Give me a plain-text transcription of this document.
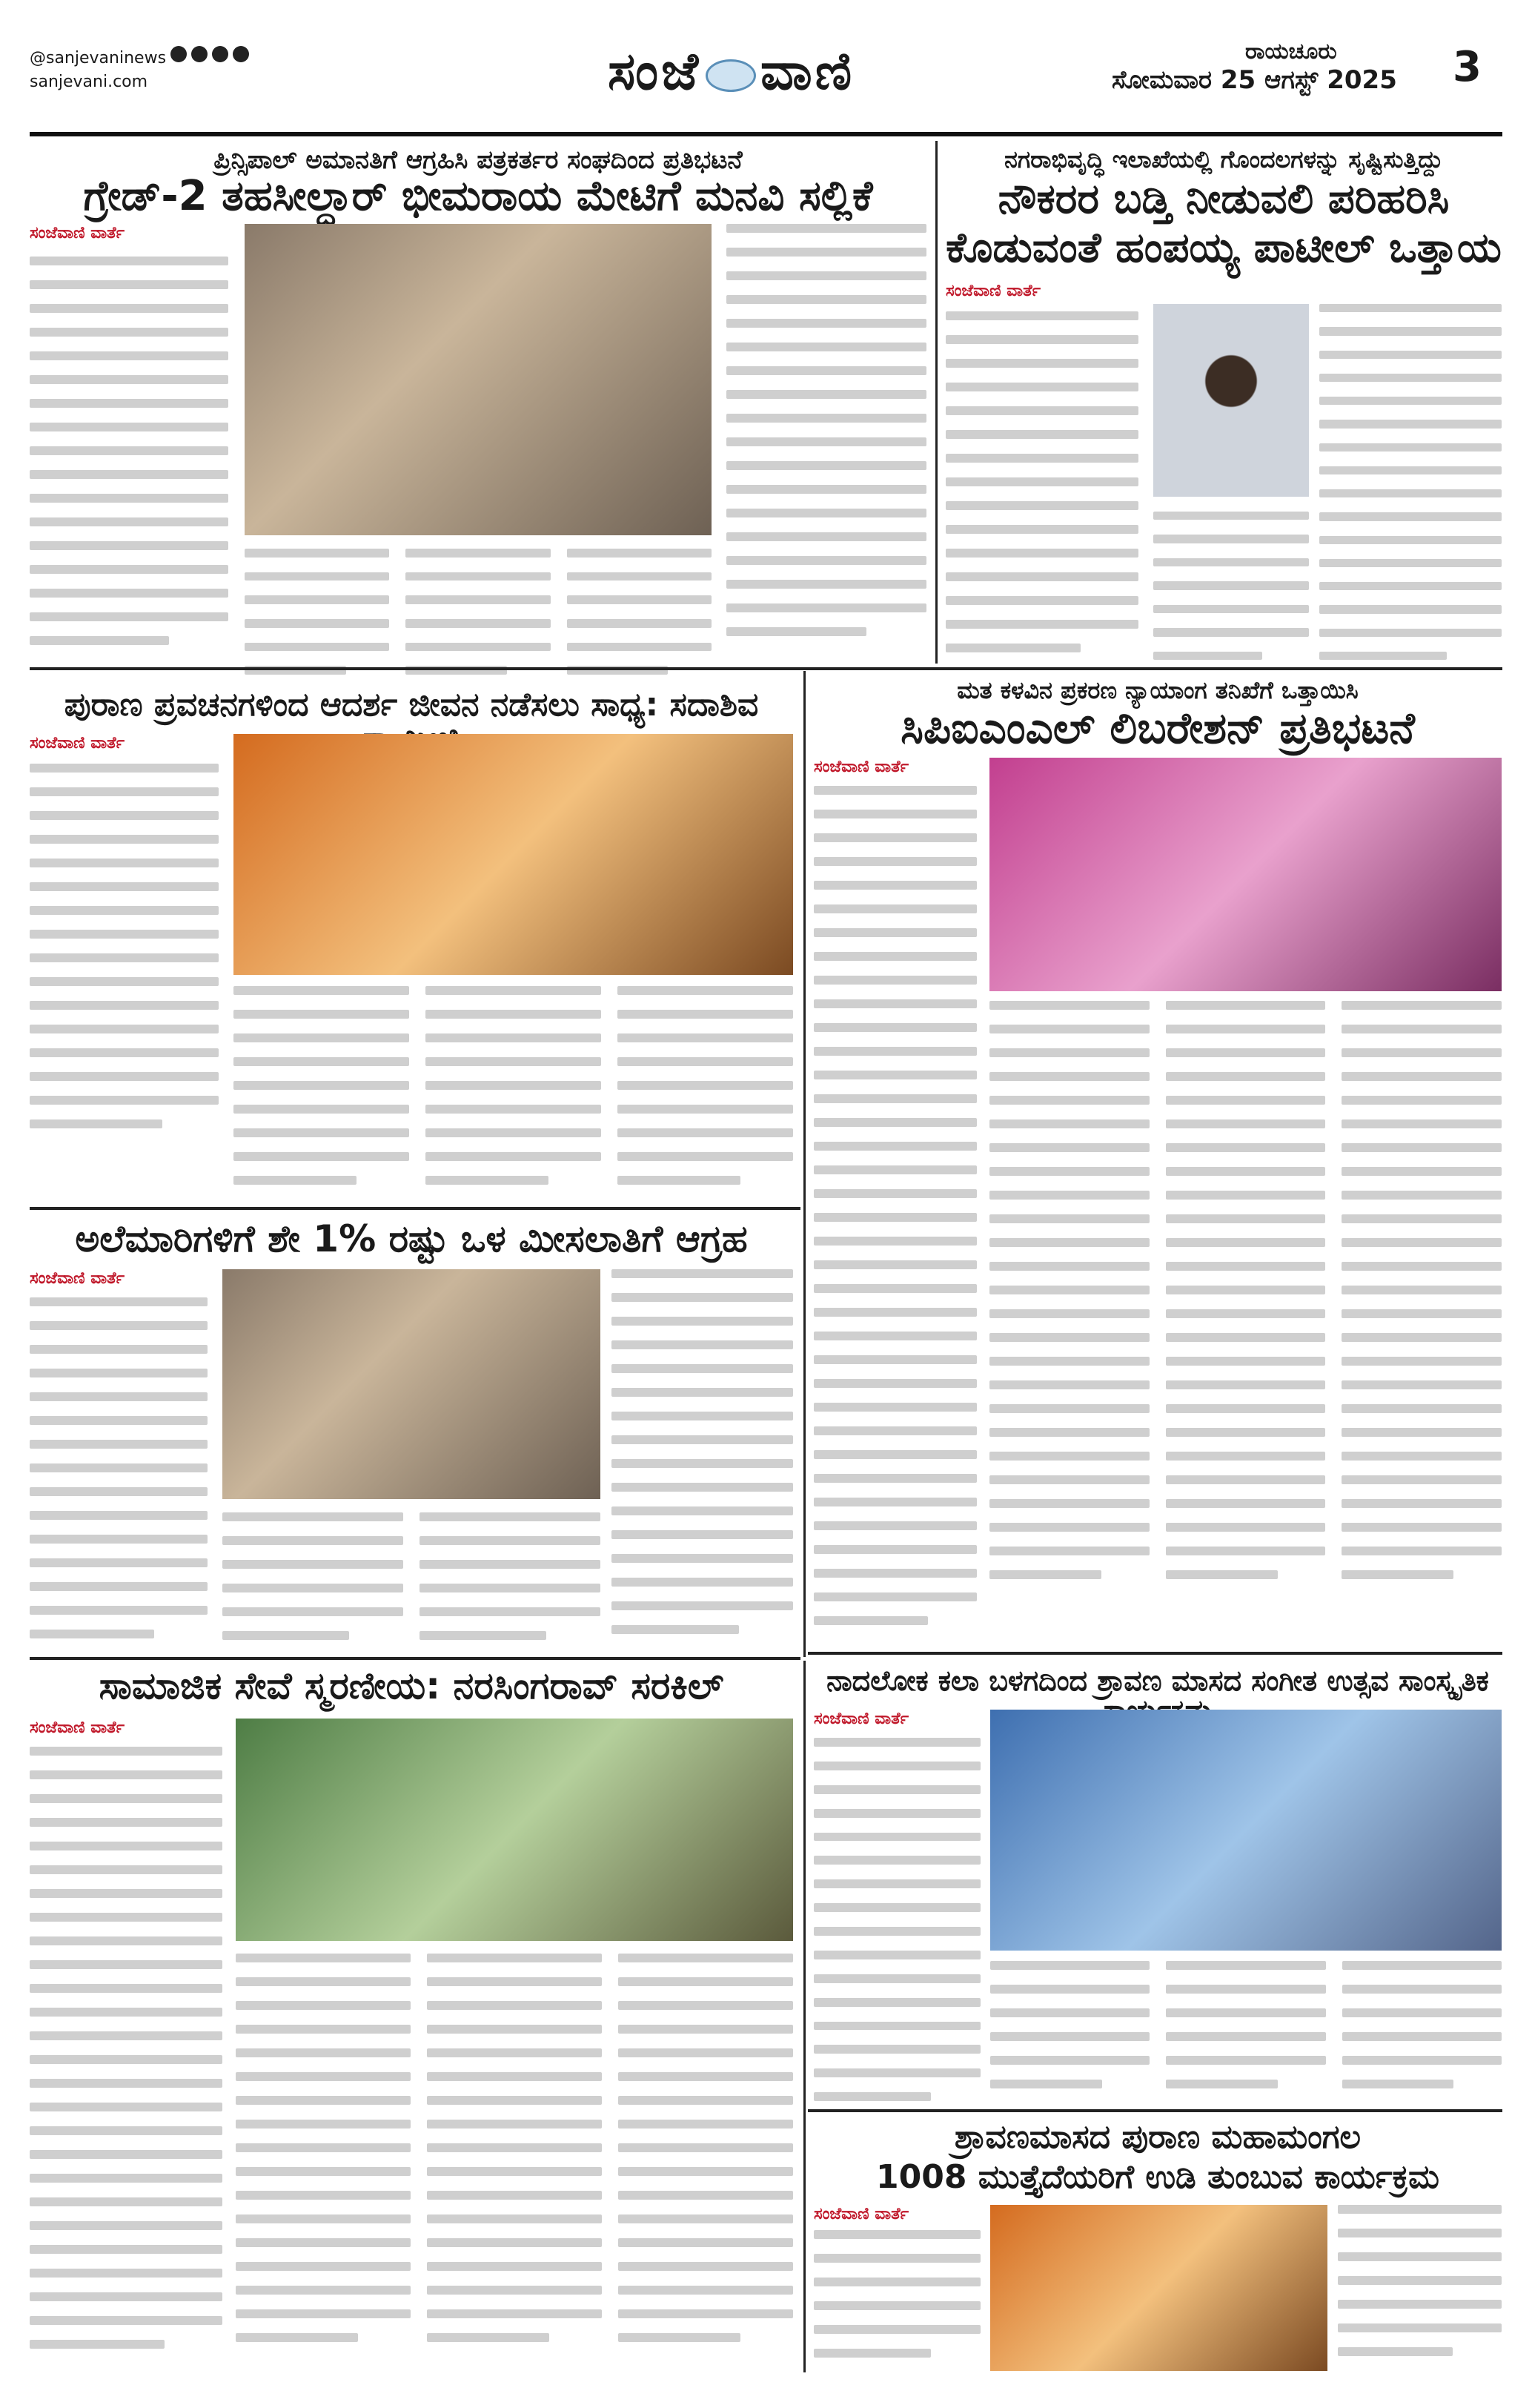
@sanjevaninews
sanjevani.com	ಸಂಜೆ ವಾಣಿ	ರಾಯಚೂರು
ಸೋಮವಾರ 25 ಆಗಸ್ಟ್ 2025 3
ಪ್ರಿನ್ಸಿಪಾಲ್ ಅಮಾನತಿಗೆ ಆಗ್ರಹಿಸಿ ಪತ್ರಕರ್ತರ ಸಂಘದಿಂದ ಪ್ರತಿಭಟನೆ
ಗ್ರೇಡ್-2 ತಹಸೀಲ್ದಾರ್ ಭೀಮರಾಯ ಮೇಟಿಗೆ ಮನವಿ ಸಲ್ಲಿಕೆ
ಸಂಜೆವಾಣಿ ವಾರ್ತೆ
ನಗರಾಭಿವೃದ್ಧಿ ಇಲಾಖೆಯಲ್ಲಿ ಗೊಂದಲಗಳನ್ನು ಸೃಷ್ಟಿಸುತ್ತಿದ್ದು
ನೌಕರರ ಬಡ್ತಿ ನೀಡುವಲಿ ಪರಿಹರಿಸಿ
ಕೊಡುವಂತೆ ಹಂಪಯ್ಯ ಪಾಟೀಲ್ ಒತ್ತಾಯ
ಸಂಜೆವಾಣಿ ವಾರ್ತೆ
ಪುರಾಣ ಪ್ರವಚನಗಳಿಂದ ಆದರ್ಶ ಜೀವನ ನಡೆಸಲು ಸಾಧ್ಯ: ಸದಾಶಿವ
ಸಂಜೆವಾಣಿ ವಾರ್ತೆ
ಮತ ಕಳವಿನ ಪ್ರಕರಣ ನ್ಯಾಯಾಂಗ ತನಿಖೆಗೆ ಒತ್ತಾಯಿಸಿ
ಸಿಪಿಐಎಂಎಲ್ ಲಿಬರೇಶನ್ ಪ್ರತಿಭಟನೆ
ಸಂಜೆವಾಣಿ ವಾರ್ತೆ
ಅಲೆಮಾರಿಗಳಿಗೆ ಶೇ 1% ರಷ್ಟು ಒಳ ಮೀಸಲಾತಿಗೆ ಆಗ್ರಹ
ಸಂಜೆವಾಣಿ ವಾರ್ತೆ
ನಾದಲೋಕ ಕಲಾ ಬಳಗದಿಂದ ಶ್ರಾವಣ ಮಾಸದ ಸಂಗೀತ ಉತ್ಸವ ಸಾಂಸ್ಕೃತಿಕ
ಸಂಜೆವಾಣಿ ವಾರ್ತೆ
ಸಾಮಾಜಿಕ ಸೇವೆ ಸ್ಮರಣೀಯ: ನರಸಿಂಗರಾವ್ ಸರಕಿಲ್
ಸಂಜೆವಾಣಿ ವಾರ್ತೆ
ಶ್ರಾವಣಮಾಸದ ಪುರಾಣ ಮಹಾಮಂಗಲ
1008 ಮುತ್ತೈದೆಯರಿಗೆ ಉಡಿ ತುಂಬುವ ಕಾರ್ಯಕ್ರಮ
ಸಂಜೆವಾಣಿ ವಾರ್ತೆ
